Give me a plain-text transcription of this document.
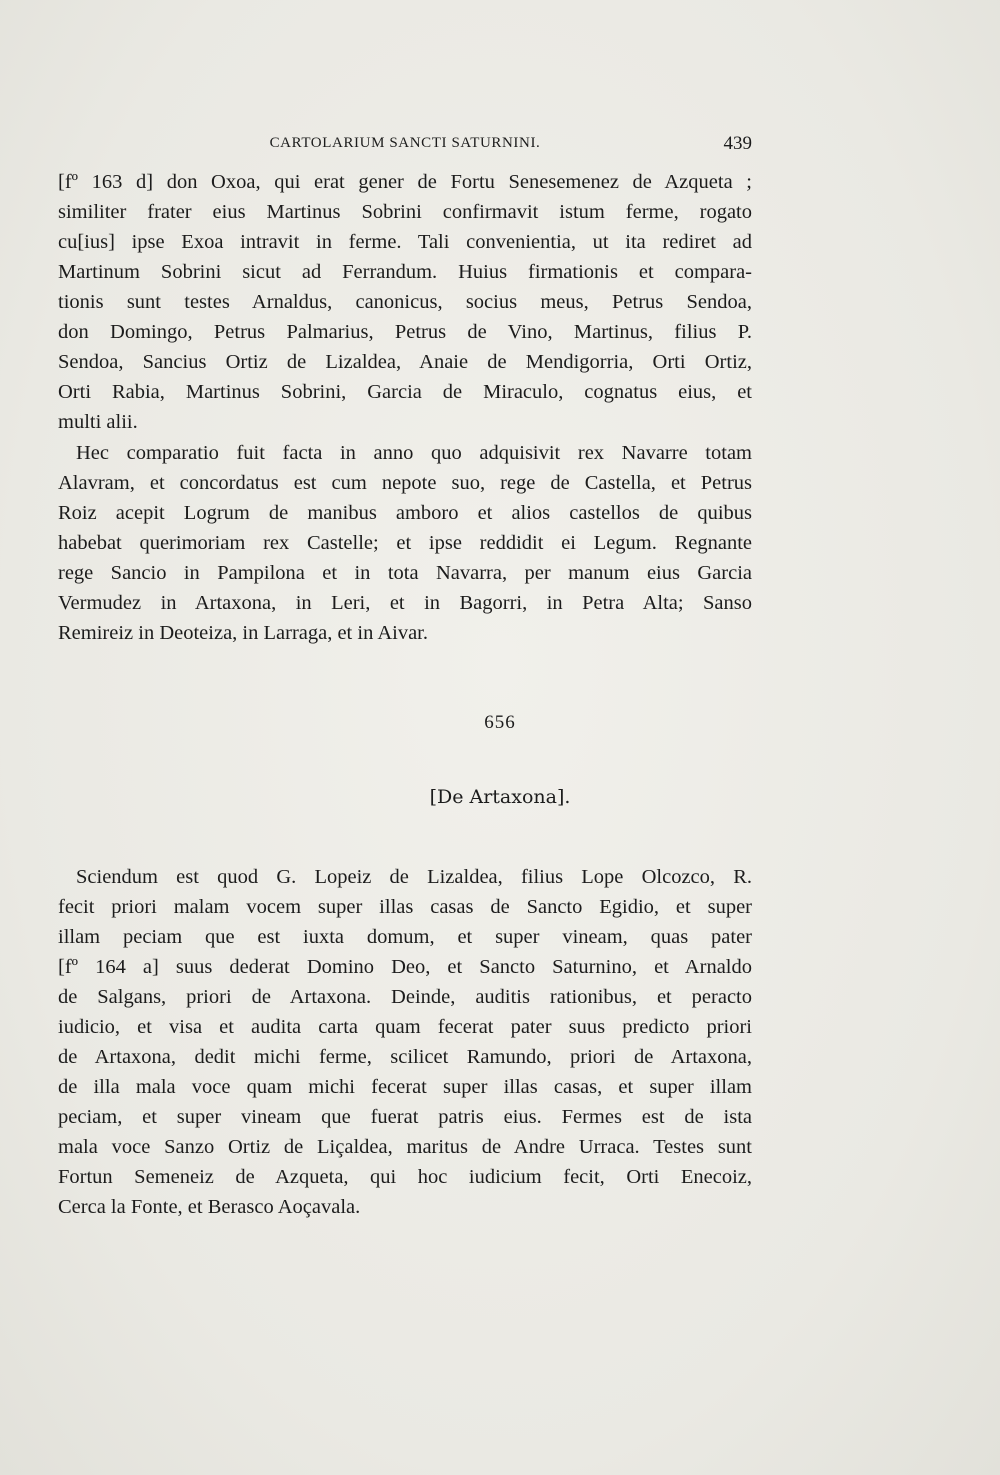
CARTOLARIUM SANCTI SATURNINI.	439
[fº 163 d] don Oxoa, qui erat gener de Fortu Senesemenez de Azqueta ;
similiter frater eius Martinus Sobrini confirmavit istum ferme, rogato
cu[ius] ipse Exoa intravit in ferme. Tali convenientia, ut ita rediret ad
Martinum Sobrini sicut ad Ferrandum. Huius firmationis et compara-
tionis sunt testes Arnaldus, canonicus, socius meus, Petrus Sendoa,
don Domingo, Petrus Palmarius, Petrus de Vino, Martinus, filius P.
Sendoa, Sancius Ortiz de Lizaldea, Anaie de Mendigorria, Orti Ortiz,
Orti Rabia, Martinus Sobrini, Garcia de Miraculo, cognatus eius, et
multi alii.
Hec comparatio fuit facta in anno quo adquisivit rex Navarre totam
Alavram, et concordatus est cum nepote suo, rege de Castella, et Petrus
Roiz acepit Logrum de manibus amboro et alios castellos de quibus
habebat querimoriam rex Castelle; et ipse reddidit ei Legum. Regnante
rege Sancio in Pampilona et in tota Navarra, per manum eius Garcia
Vermudez in Artaxona, in Leri, et in Bagorri, in Petra Alta; Sanso
Remireiz in Deoteiza, in Larraga, et in Aivar.
656
[De Artaxona].
Sciendum est quod G. Lopeiz de Lizaldea, filius Lope Olcozco, R.
fecit priori malam vocem super illas casas de Sancto Egidio, et super
illam peciam que est iuxta domum, et super vineam, quas pater
[fº 164 a] suus dederat Domino Deo, et Sancto Saturnino, et Arnaldo
de Salgans, priori de Artaxona. Deinde, auditis rationibus, et peracto
iudicio, et visa et audita carta quam fecerat pater suus predicto priori
de Artaxona, dedit michi ferme, scilicet Ramundo, priori de Artaxona,
de illa mala voce quam michi fecerat super illas casas, et super illam
peciam, et super vineam que fuerat patris eius. Fermes est de ista
mala voce Sanzo Ortiz de Liçaldea, maritus de Andre Urraca. Testes sunt
Fortun Semeneiz de Azqueta, qui hoc iudicium fecit, Orti Enecoiz,
Cerca la Fonte, et Berasco Aoçavala.
